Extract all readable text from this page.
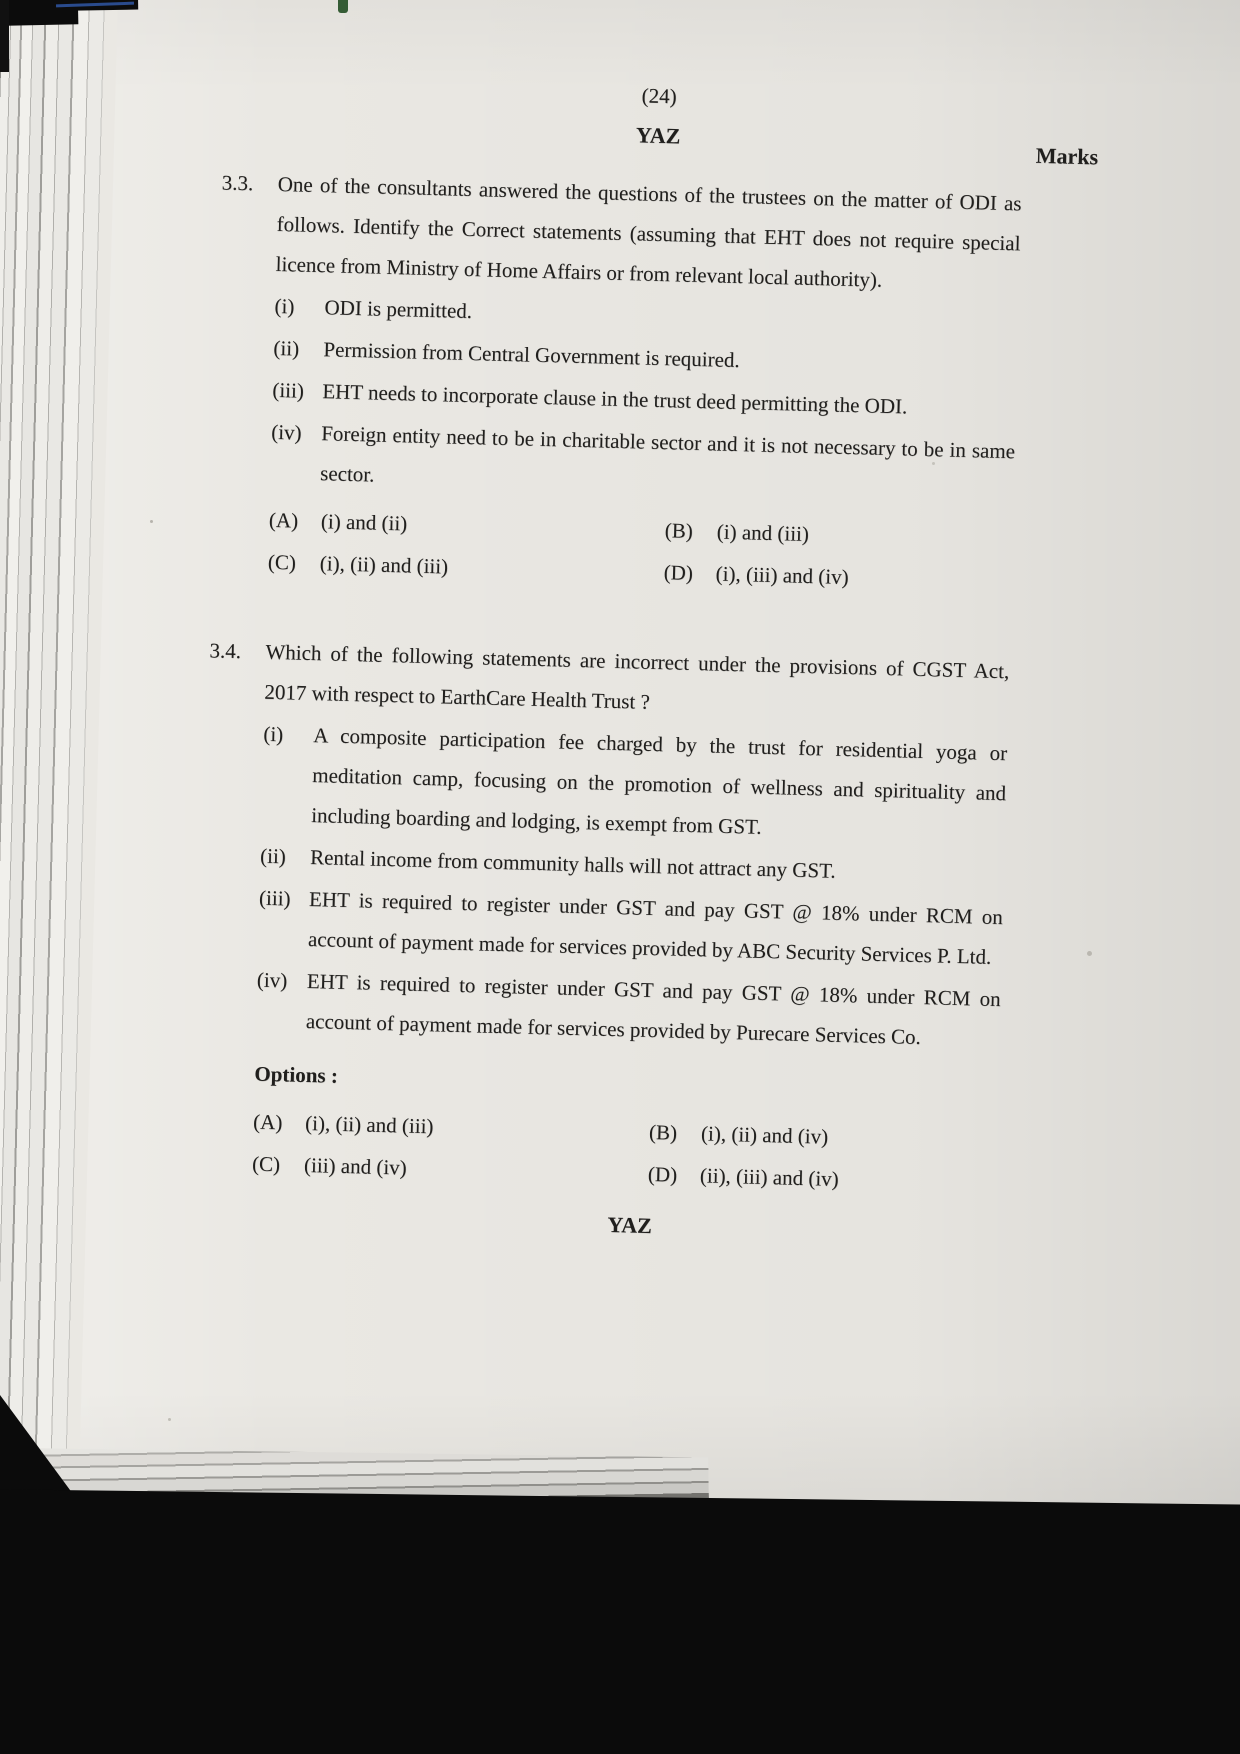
(24)
YAZ
Marks
3.3.	One of the consultants answered the questions of the trustees on the matter of ODI as follows. Identify the Correct statements (assuming that EHT does not require special licence from Ministry of Home Affairs or from relevant local authority).
(i)	ODI is permitted.
(ii)	Permission from Central Government is required.
(iii) EHT needs to incorporate clause in the trust deed permitting the ODI.
(iv) Foreign entity need to be in charitable sector and it is not necessary to be in same sector.
(A)	(i) and (ii)	(B)	(i) and (iii)
(C)	(i), (ii) and (iii)	(D)	(i), (iii) and (iv)
3.4.	Which of the following statements are incorrect under the provisions of CGST Act, 2017 with respect to EarthCare Health Trust ?
(i)	A composite participation fee charged by the trust for residential yoga or meditation camp, focusing on the promotion of wellness and spirituality and including boarding and lodging, is exempt from GST.
(ii)	Rental income from community halls will not attract any GST.
(iii) EHT is required to register under GST and pay GST @ 18% under RCM on account of payment made for services provided by ABC Security Services P. Ltd.
(iv) EHT is required to register under GST and pay GST @ 18% under RCM on account of payment made for services provided by Purecare Services Co.
Options :
(A)	(i), (ii) and (iii)	(B)	(i), (ii) and (iv)
(C)	(iii) and (iv)	(D)	(ii), (iii) and (iv)
YAZ
